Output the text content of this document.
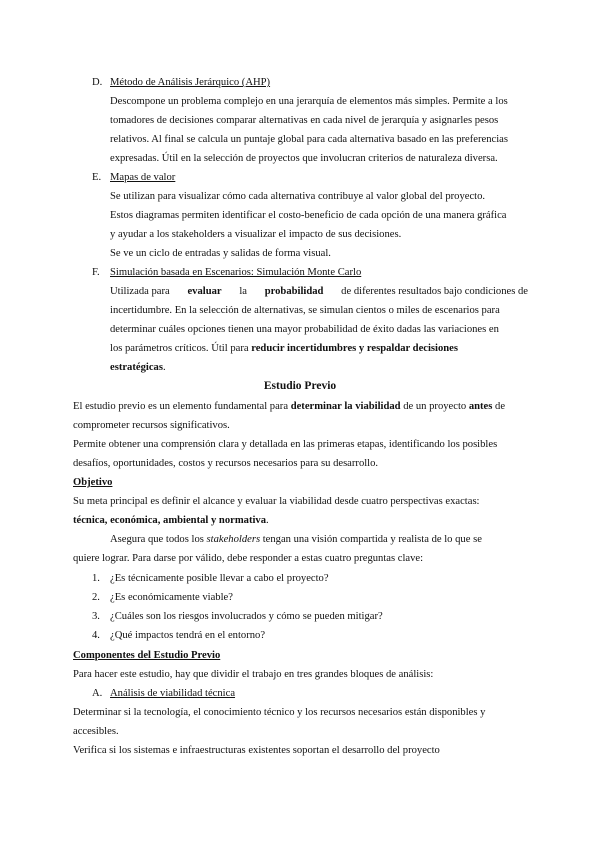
D. Método de Análisis Jerárquico (AHP)
Descompone un problema complejo en una jerarquía de elementos más simples. Permite a los
tomadores de decisiones comparar alternativas en cada nivel de jerarquía y asignarles pesos
relativos. Al final se calcula un puntaje global para cada alternativa basado en las preferencias
expresadas. Útil en la selección de proyectos que involucran criterios de naturaleza diversa.
E. Mapas de valor
Se utilizan para visualizar cómo cada alternativa contribuye al valor global del proyecto.
Estos diagramas permiten identificar el costo-beneficio de cada opción de una manera gráfica
y ayudar a los stakeholders a visualizar el impacto de sus decisiones.
Se ve un ciclo de entradas y salidas de forma visual.
F. Simulación basada en Escenarios: Simulación Monte Carlo
Utilizada para evaluar la probabilidad de diferentes resultados bajo condiciones de
incertidumbre. En la selección de alternativas, se simulan cientos o miles de escenarios para
determinar cuáles opciones tienen una mayor probabilidad de éxito dadas las variaciones en
los parámetros críticos. Útil para reducir incertidumbres y respaldar decisiones
estratégicas.
Estudio Previo
El estudio previo es un elemento fundamental para determinar la viabilidad de un proyecto antes de
comprometer recursos significativos.
Permite obtener una comprensión clara y detallada en las primeras etapas, identificando los posibles
desafíos, oportunidades, costos y recursos necesarios para su desarrollo.
Objetivo
Su meta principal es definir el alcance y evaluar la viabilidad desde cuatro perspectivas exactas:
técnica, económica, ambiental y normativa.
Asegura que todos los stakeholders tengan una visión compartida y realista de lo que se
quiere lograr. Para darse por válido, debe responder a estas cuatro preguntas clave:
1. ¿Es técnicamente posible llevar a cabo el proyecto?
2. ¿Es económicamente viable?
3. ¿Cuáles son los riesgos involucrados y cómo se pueden mitigar?
4. ¿Qué impactos tendrá en el entorno?
Componentes del Estudio Previo
Para hacer este estudio, hay que dividir el trabajo en tres grandes bloques de análisis:
A. Análisis de viabilidad técnica
Determinar si la tecnología, el conocimiento técnico y los recursos necesarios están disponibles y
accesibles.
Verifica si los sistemas e infraestructuras existentes soportan el desarrollo del proyecto
